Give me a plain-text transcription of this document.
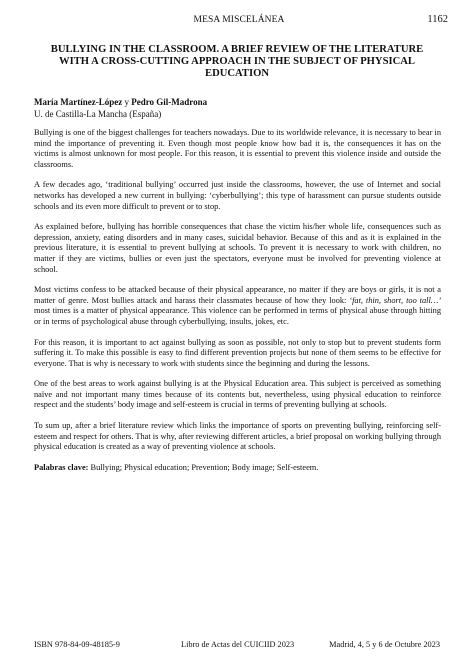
MESA MISCELÁNEA	1162
BULLYING IN THE CLASSROOM. A BRIEF REVIEW OF THE LITERATURE WITH A CROSS-CUTTING APPROACH IN THE SUBJECT OF PHYSICAL EDUCATION
María Martínez-López y Pedro Gil-Madrona
U. de Castilla-La Mancha (España)

Bullying is one of the biggest challenges for teachers nowadays. Due to its worldwide relevance, it is necessary to bear in mind the importance of preventing it. Even though most people know how bad it is, the consequences it has on the victims is almost unknown for most people. For this reason, it is essential to prevent this violence inside and outside the classrooms.

A few decades ago, ‘traditional bullying’ occurred just inside the classrooms, however, the use of Internet and social networks has developed a new current in bullying: ‘cyberbullying’; this type of harassment can pursue students outside schools and its even more difficult to prevent or to stop.

As explained before, bullying has horrible consequences that chase the victim his/her whole life, consequences such as depression, anxiety, eating disorders and in many cases, suicidal behavior. Because of this and as it is explained in the previous literature, it is essential to prevent bullying at schools. To prevent it is necessary to work with children, no matter if they are victims, bullies or even just the spectators, everyone must be involved for preventing violence at school.

Most victims confess to be attacked because of their physical appearance, no matter if they are boys or girls, it is not a matter of genre. Most bullies attack and harass their classmates because of how they look: ‘fat, thin, short, too tall…’ most times is a matter of physical appearance. This violence can be performed in terms of physical abuse through hitting or in terms of psychological abuse through cyberbullying, insults, jokes, etc.

For this reason, it is important to act against bullying as soon as possible, not only to stop but to prevent students form suffering it. To make this possible is easy to find different prevention projects but none of them seems to be effective for everyone. That is why is necessary to work with students since the beginning and during the lessons.

One of the best areas to work against bullying is at the Physical Education area. This subject is perceived as something naïve and not important many times because of its contents but, nevertheless, using physical education to reinforce respect and the students’ body image and self-esteem is crucial in terms of preventing bullying at schools.

To sum up, after a brief literature review which links the importance of sports on preventing bullying, reinforcing self-esteem and respect for others. That is why, after reviewing different articles, a brief proposal on working bullying through physical education is created as a way of preventing violence at schools.

Palabras clave: Bullying; Physical education; Prevention; Body image; Self-esteem.

ISBN 978-84-09-48185-9	Libro de Actas del CUICIID 2023	Madrid, 4, 5 y 6 de Octubre 2023
